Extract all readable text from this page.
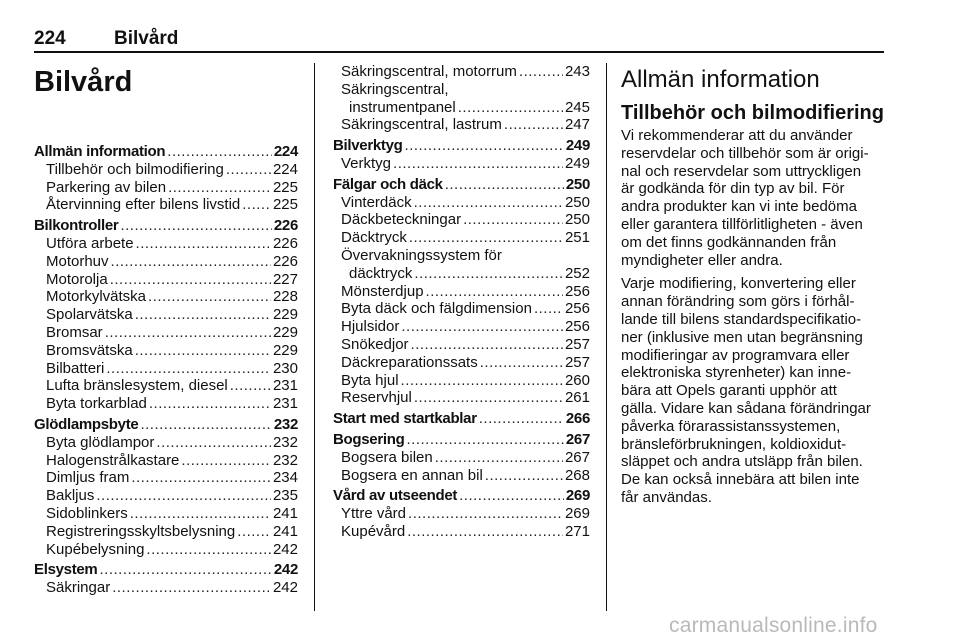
224	Bilvård
Bilvård
Allmän information .....	224
Tillbehör och bilmodifiering .....	224
Parkering av bilen .....	225
Återvinning efter bilens livstid ..... 225
Bilkontroller .....	226
Utföra arbete .....	226
Motorhuv .....	226
Motorolja .....	227
Motorkylvätska .....	228
Spolarvätska .....	229
Bromsar .....	229
Bromsvätska .....	229
Bilbatteri .....	230
Lufta bränslesystem, diesel .....	231
Byta torkarblad .....	231
Glödlampsbyte .....	232
Byta glödlampor .....	232
Halogenstrålkastare .....	232
Dimljus fram .....	234
Bakljus .....	235
Sidoblinkers .....	241
Registreringsskyltsbelysning .....	241
Kupébelysning .....	242
Elsystem .....	242
Säkringar .....	242
Säkringscentral, motorrum .....	243
Säkringscentral,
instrumentpanel .....	245
Säkringscentral, lastrum .....	247
Bilverktyg .....	249
Verktyg .....	249
Fälgar och däck .....	250
Vinterdäck .....	250
Däckbeteckningar .....	250
Däcktryck .....	251
Övervakningssystem för
däcktryck .....	252
Mönsterdjup .....	256
Byta däck och fälgdimension ..... 256
Hjulsidor .....	256
Snökedjor .....	257
Däckreparationssats .....	257
Byta hjul .....	260
Reservhjul .....	261
Start med startkablar .....	266
Bogsering .....	267
Bogsera bilen .....	267
Bogsera en annan bil .....	268
Vård av utseendet .....	269
Yttre vård .....	269
Kupévård .....	271
Allmän information
Tillbehör och bilmodifiering
Vi rekommenderar att du använder
reservdelar och tillbehör som är origi-
nal och reservdelar som uttryckligen
är godkända för din typ av bil. För
andra produkter kan vi inte bedöma
eller garantera tillförlitligheten - även
om det finns godkännanden från
myndigheter eller andra.
Varje modifiering, konvertering eller
annan förändring som görs i förhål-
lande till bilens standardspecifikatio-
ner (inklusive men utan begränsning
modifieringar av programvara eller
elektroniska styrenheter) kan inne-
bära att Opels garanti upphör att
gälla. Vidare kan sådana förändringar
påverka förarassistanssystemen,
bränsleförbrukningen, koldioxidut-
släppet och andra utsläpp från bilen.
De kan också innebära att bilen inte
får användas.
carmanualsonline.info
